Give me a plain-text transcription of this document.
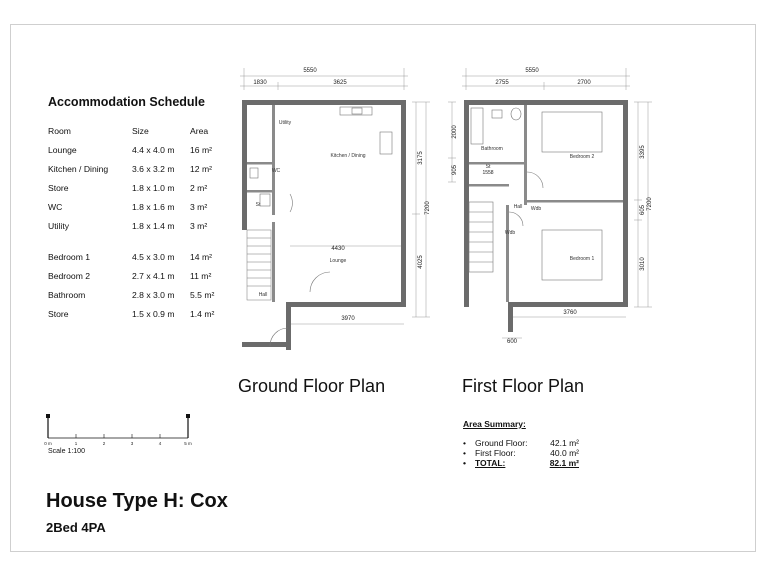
Accommodation Schedule
Room	Size	Area
Lounge	4.4 x 4.0 m	16 m²
Kitchen / Dining	3.6 x 3.2 m	12 m²
Store	1.8 x 1.0 m	2 m²
WC	1.8 x 1.6 m	3 m²
Utility	1.8 x 1.4 m	3 m²

Bedroom 1	4.5 x 3.0 m	14 m²
Bedroom 2	2.7 x 4.1 m	11 m²
Bathroom	2.8 x 3.0 m	5.5 m²
Store	1.5 x 0.9 m	1.4 m²
5550
1830	3625
3175
4025
7200
4430
3970
Kitchen / Dining
Lounge
Utility
WC
St
Hall
Ground Floor Plan
5550
2755	2700
2000
905
3395
605
3010
7200
3760
600
1558
Bathroom
Bedroom 2
Bedroom 1
St
Hall Wdb
Wdb
First Floor Plan
0 m	1	2	3	4	5 m
Scale 1:100
Area Summary:
• Ground Floor:	42.1 m²
• First Floor:	40.0 m²
• TOTAL:	82.1 m²
House Type H: Cox
2Bed 4PA
